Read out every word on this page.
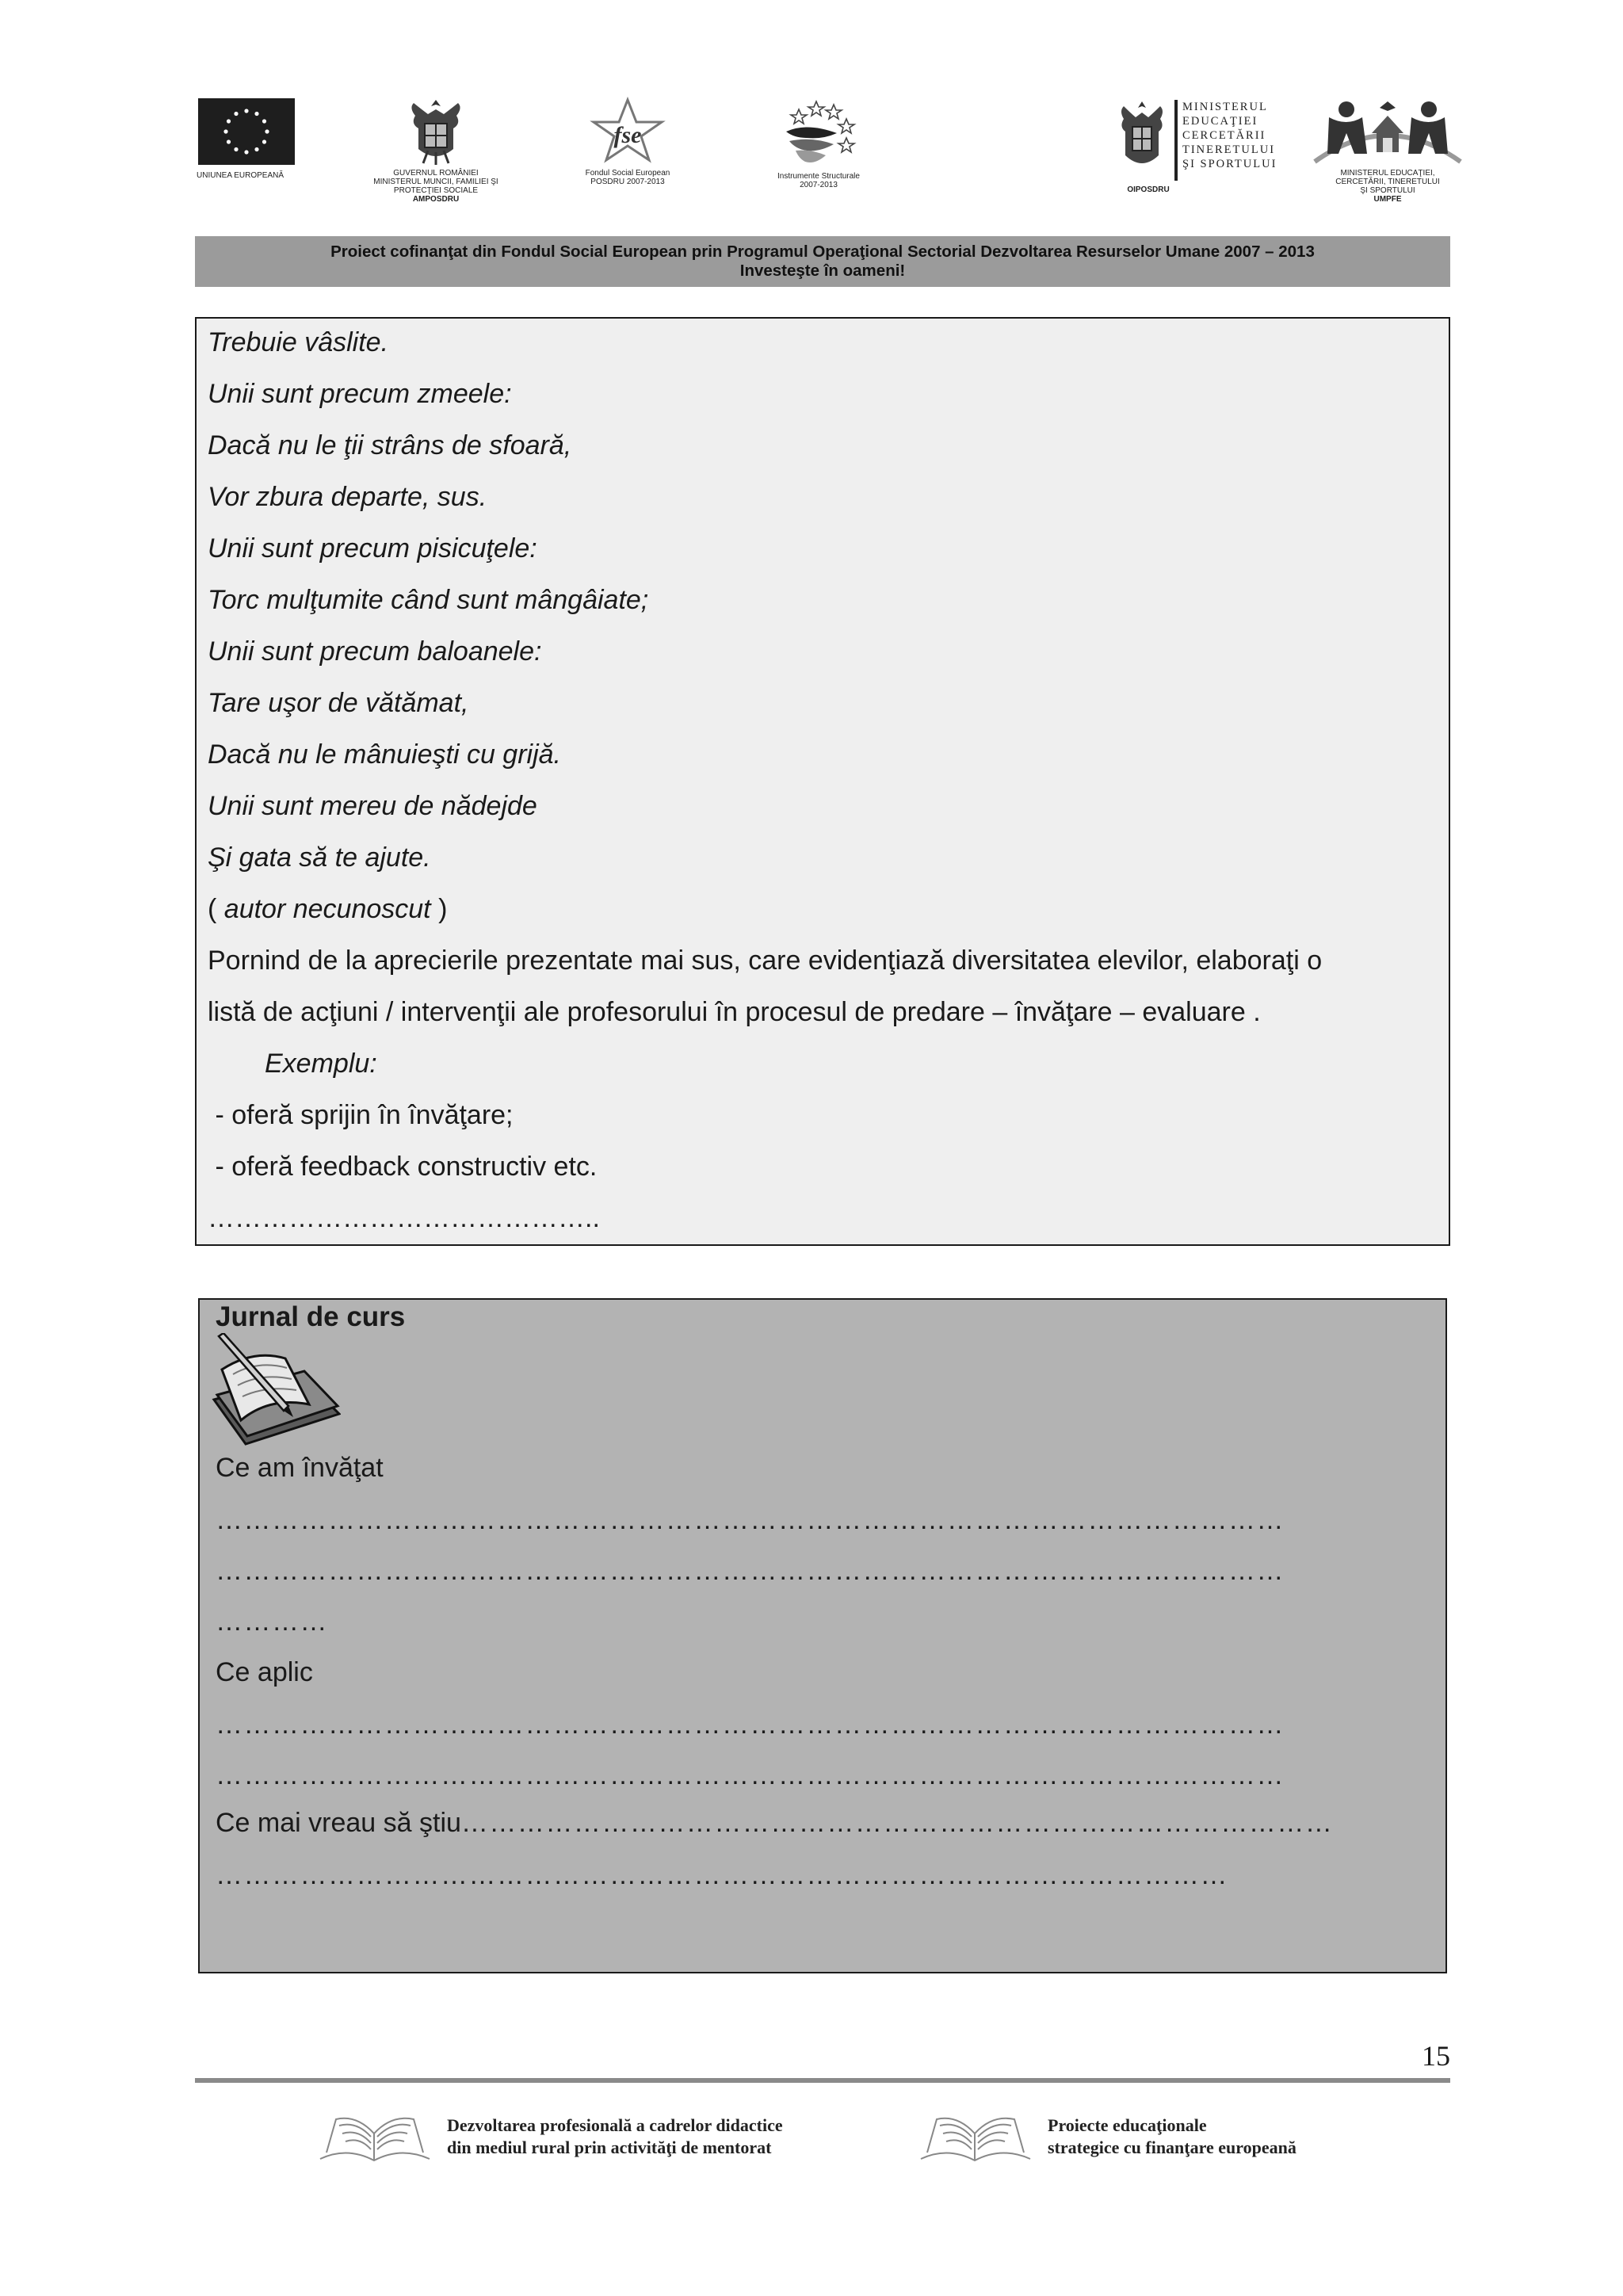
UNIUNEA EUROPEANĂ	GUVERNUL ROMÂNIEI
MINISTERUL MUNCII, FAMILIEI ŞI
PROTECŢIEI SOCIALE
AMPOSDRU
fse
Fondul Social European
POSDRU 2007-2013
Instrumente Structurale
2007-2013
MINISTERUL
EDUCAŢIEI
CERCETĂRII
TINERETULUI
ŞI SPORTULUI
OIPOSDRU
MINISTERUL EDUCAŢIEI,
CERCETĂRII, TINERETULUI
ŞI SPORTULUI
UMPFE
Proiect cofinanţat din Fondul Social European prin Programul Operaţional Sectorial Dezvoltarea Resurselor Umane 2007 – 2013
Investeşte în oameni!
Trebuie vâslite.
Unii sunt precum zmeele:
Dacă nu le ţii strâns de sfoară,
Vor zbura departe, sus.
Unii sunt precum pisicuţele:
Torc mulţumite când sunt mângâiate;
Unii sunt precum baloanele:
Tare uşor de vătămat,
Dacă nu le mânuieşti cu grijă.
Unii sunt mereu de nădejde
Şi gata să te ajute.
( autor necunoscut )
Pornind de la aprecierile prezentate mai sus, care evidenţiază diversitatea elevilor, elaboraţi o
listă de acţiuni / intervenţii ale profesorului în procesul de predare – învăţare – evaluare .
Exemplu:
- oferă sprijin în învăţare;
- oferă feedback constructiv etc.
……………………………………..
Jurnal de curs
Ce am învăţat
……………………………………………………………………………………………………
……………………………………………………………………………………………………
…………
Ce aplic
……………………………………………………………………………………………………
……………………………………………………………………………………………………
Ce mai vreau să ştiu…………………………………………………………………………………
………………………………………………………………………………………………
15
Dezvoltarea profesională a cadrelor didactice
din mediul rural prin activităţi de mentorat
Proiecte educaţionale
strategice cu finanţare europeană
